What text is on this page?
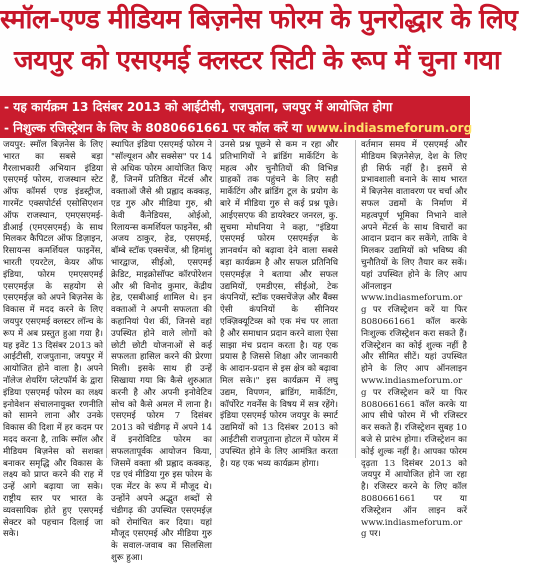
स्मॉल-एण्ड मीडियम बिज़नेस फोरम के पुनरोद्धार के लिए
जयपुर को एसएमई क्लस्टर सिटी के रूप में चुना गया
- यह कार्यक्रम 13 दिसंबर 2013 को आईटीसी, राजपुताना, जयपुर में आयोजित होगा
- निशुल्क रजिस्ट्रेशन के लिए के 8080661661 पर कॉल करें या www.indiasmeforum.org पर लॉग इन करें

जयपुर: स्मॉल बिज़नेस के लिए भारत का सबसे बड़ा गैरलाभकारी अभियान इंडिया एसएमई फोरम, राजस्थान स्टेट ऑफ कॉमर्स एण्ड इंडस्ट्रीज, गारमेंट एक्सपोर्टर्स एसोसिएशन ऑफ राजस्थान, एमएसएमई-डीआई (एमएसएमई) के साथ मिलकर कैपिटल ऑफ डिज़ाइन, रिसायन्स कमर्शियल फाइनेंस, भारती एयरटेल, केयर ऑफ इंडिया, फोरम एमएसएमई एसएमईज़ के सहयोग से एसएमईज़ को अपने बिज़नेस के विकास में मदद करने के लिए जयपुर एसएमई क्लस्टर लॉन्च के रूप में अब प्रस्तुत हुआ गया है। यह इवेंट 13 दिसंबर 2013 को आईटीसी, राजपुताना, जयपुर में आयोजित होने वाला है। अपने नॉलेज शेयरिंग प्लेटफॉर्म के द्वारा इंडिया एसएमई फोरम का लक्ष्य इनोवेशन संचालनायुक्त रणनीति को सामने लाना और उनके विकास की दिशा में हर कदम पर मदद करना है, ताकि स्मॉल और मीडियम बिज़नेस को सशक्त बनाकर समृद्धि और विकास के लक्ष्य को प्राप्त करने की राह में उन्हें आगे बढ़ाया जा सके। राष्ट्रीय स्तर पर भारत के व्यवसायिक होते हुए एसएमई सेक्टर को पहचान दिलाई जा सके।

स्थापित इंडिया एसएमई फोरम ने "सॉल्यूशन और सक्सेस" पर 14 से अधिक फोरम आयोजित किए हैं, जिनमें प्रतिष्ठित मेंटर्स और वक्ताओं जैसे श्री प्रह्लाद कक्कड़, एड गुरु और मीडिया गुरु, श्री केवी कैंनेडियस, ओईओ, रिलायन्स कमर्शियल फाइनेंस, श्री अजय ठाकुर, हेड, एसएमई, बॉम्बे स्टॉक एक्सचेंज, श्री हिमांशु भारद्वाज, सीईओ, एसएमई क्रेडिट, माइक्रोसॉफ्ट कॉरपोरेशन और श्री विनोद कुमार, केंद्रीय हेड, एसबीआई शामिल थे। इन वक्ताओं ने अपनी सफलता की कहानियां पेश कीं, जिनसे वहां उपस्थित होने वाले लोगों को छोटी छोटी योजनाओं से कई सफलता हासिल करने की प्रेरणा मिली। इसके साथ ही उन्हें सिखाया गया कि कैसे शुरुआत करनी है और अपनी इनोवेटिव सोच को कैसे अमल में लाना है। एसएमई फोरम 7 दिसंबर 2013 को चंडीगढ़ में अपने 14 वें इनरोविटिड फोरम का सफलतापूर्वक आयोजन किया, जिसमें वक्ता श्री प्रह्लाद कक्कड़, एड एवं मीडिया गुरु इस फोरम के एक मेंटर के रूप में मौजूद थे। उन्होंने अपने अद्भुत शब्दों से चंडीगढ़ की उपस्थित एसएमईज़ को रोमांचित कर दिया। यहां मौजूद एसएमई और मीडिया गुरु के सवाल-जवाब का सिलसिला शुरू हुआ।

उनसे प्रश्न पूछने से कम न रहा और प्रतिभागियों ने ब्रांडिंग मार्केटिंग के महत्व और चुनौतियों की विभिन्न ग्राहकों तक पहुंचने के लिए सही मार्केटिंग और ब्रांडिंग टूल के प्रयोग के बारे में मीडिया गुरु से कई प्रश्न पूछे। आईएसएफ की डायरेक्टर जनरल, कु. सुचमा मोधनिया ने कहा, "इंडिया एसएमई फोरम एसएमईज़ के ज्ञानवर्धन को बढ़ावा देने वाला सबसे बड़ा कार्यक्रम है और सफल प्रतिनिधि एसएमईज़ ने बताया और सफल उद्यमियों, एमडीएस, सीईओ, टेक कंपनियों, स्टॉक एक्सचेंजेज़ और बैंक्स ऐसी कंपनियों के सीनियर एक्ज़िक्यूटिव्स को एक मंच पर लाता है और समाधान प्रदान करने वाला ऐसा साझा मंच प्रदान करता है। यह एक प्रयास है जिससे शिक्षा और जानकारी के आदान-प्रदान से इस क्षेत्र को बढ़ावा मिल सके।" इस कार्यक्रम में लघु उद्यम, विपणन, ब्रांडिंग, मार्केटिंग, कॉर्पोरेट गवर्नेंस के विषय में सत्र रहेंगे। इंडिया एसएमई फोरम जयपुर के स्मार्ट उद्यमियों को 13 दिसंबर 2013 को आईटीसी राजपुताना होटल में फोरम में उपस्थित होने के लिए आमंत्रित करता है। यह एक भव्य कार्यक्रम होगा।

वर्तमान समय में एसएमई और मीडियम बिज़नेसेज़, देश के लिए ही सिर्फ नहीं है। इसमें से प्रभावशाली बनाने के साथ भारत में बिज़नेस वातावरण पर चर्चा और सफल उद्यमों के निर्माण में महत्वपूर्ण भूमिका निभाने वाले अपने मेंटर्स के साथ विचारों का आदान प्रदान कर सकेंगे, ताकि वे मिलकर उद्यमियों को भविष्य की चुनौतियों के लिए तैयार कर सकें। यहां उपस्थित होने के लिए आप ऑनलाइन www.indiasmeforum.org पर रजिस्ट्रेशन करें या फिर 8080661661 कॉल करके निःशुल्क रजिस्ट्रेशन करा सकते हैं। रजिस्ट्रेशन का कोई शुल्क नहीं है और सीमित सीटें। यहां उपस्थित होने के लिए आप ऑनलाइन www.indiasmeforum.org पर रजिस्ट्रेशन करें या फिर 8080661661 कॉल करके या आप सीधे फोरम में भी रजिस्टर कर सकते हैं। रजिस्ट्रेशन सुबह 10 बजे से प्रारंभ होगा। रजिस्ट्रेशन का कोई शुल्क नहीं है। आपका फोरम दृढ़ता 13 दिसंबर 2013 को जयपुर में आयोजित होने जा रहा है। रजिस्टर करने के लिए कॉल 8080661661 पर या रजिस्ट्रेशन ऑन लाइन करें www.indiasmeforum.org पर।
